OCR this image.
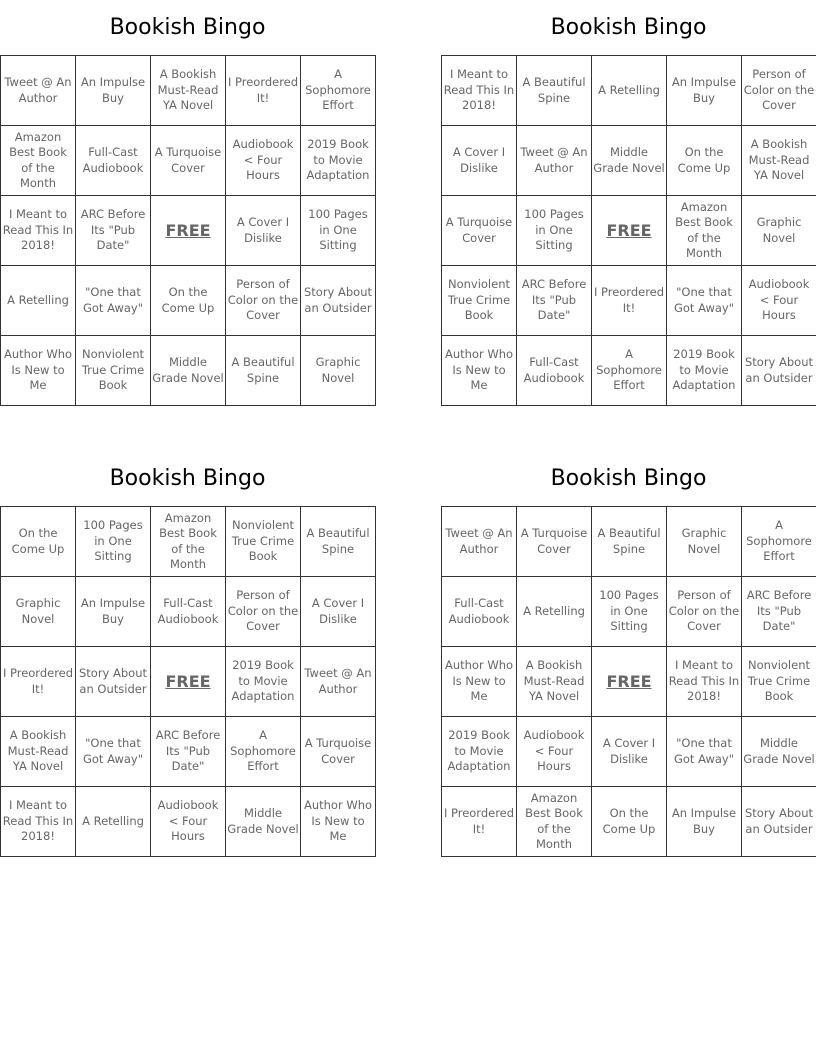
Bookish Bingo
Tweet @ An Author
An Impulse Buy
A Bookish Must-Read YA Novel
I Preordered It!
A Sophomore Effort
Amazon Best Book of the Month
Full-Cast Audiobook
A Turquoise Cover
Audiobook < Four Hours
2019 Book to Movie Adaptation
I Meant to Read This In 2018!
ARC Before Its "Pub Date"
FREE	A Cover I Dislike
100 Pages in One Sitting
A Retelling
"One that Got Away"
On the Come Up
Person of Color on the Cover
Story About an Outsider
Author Who Is New to Me
Nonviolent True Crime Book
Middle Grade Novel
A Beautiful Spine
Graphic Novel
Bookish Bingo
I Meant to Read This In 2018!
A Beautiful Spine
A Retelling
An Impulse Buy
Person of Color on the Cover
A Cover I Dislike
Tweet @ An Author
Middle Grade Novel
On the Come Up
A Bookish Must-Read YA Novel
A Turquoise Cover
100 Pages in One Sitting
FREE
Amazon Best Book of the Month
Graphic Novel
Nonviolent True Crime Book
ARC Before Its "Pub Date"
I Preordered It!
"One that Got Away"
Audiobook < Four Hours
Author Who Is New to Me
Full-Cast Audiobook
A Sophomore Effort
2019 Book to Movie Adaptation
Story About an Outsider
Bookish Bingo
On the Come Up
100 Pages in One Sitting
Amazon Best Book of the Month
Nonviolent True Crime Book
A Beautiful Spine
Graphic Novel
An Impulse Buy
Full-Cast Audiobook
Person of Color on the Cover
A Cover I Dislike
I Preordered It!
Story About an Outsider	FREE
2019 Book to Movie Adaptation
Tweet @ An Author
A Bookish Must-Read YA Novel
"One that Got Away"
ARC Before Its "Pub Date"
A Sophomore Effort
A Turquoise Cover
I Meant to Read This In 2018!
A Retelling
Audiobook < Four Hours
Middle Grade Novel
Author Who Is New to Me
Bookish Bingo
Tweet @ An Author
A Turquoise Cover
A Beautiful Spine
Graphic Novel
A Sophomore Effort
Full-Cast Audiobook
A Retelling
100 Pages in One Sitting
Person of Color on the Cover
ARC Before Its "Pub Date"
Author Who Is New to Me
A Bookish Must-Read YA Novel
FREE
I Meant to Read This In 2018!
Nonviolent True Crime Book
2019 Book to Movie Adaptation
Audiobook < Four Hours
A Cover I Dislike
"One that Got Away"
Middle Grade Novel
I Preordered It!
Amazon Best Book of the Month
On the Come Up
An Impulse Buy
Story About an Outsider
